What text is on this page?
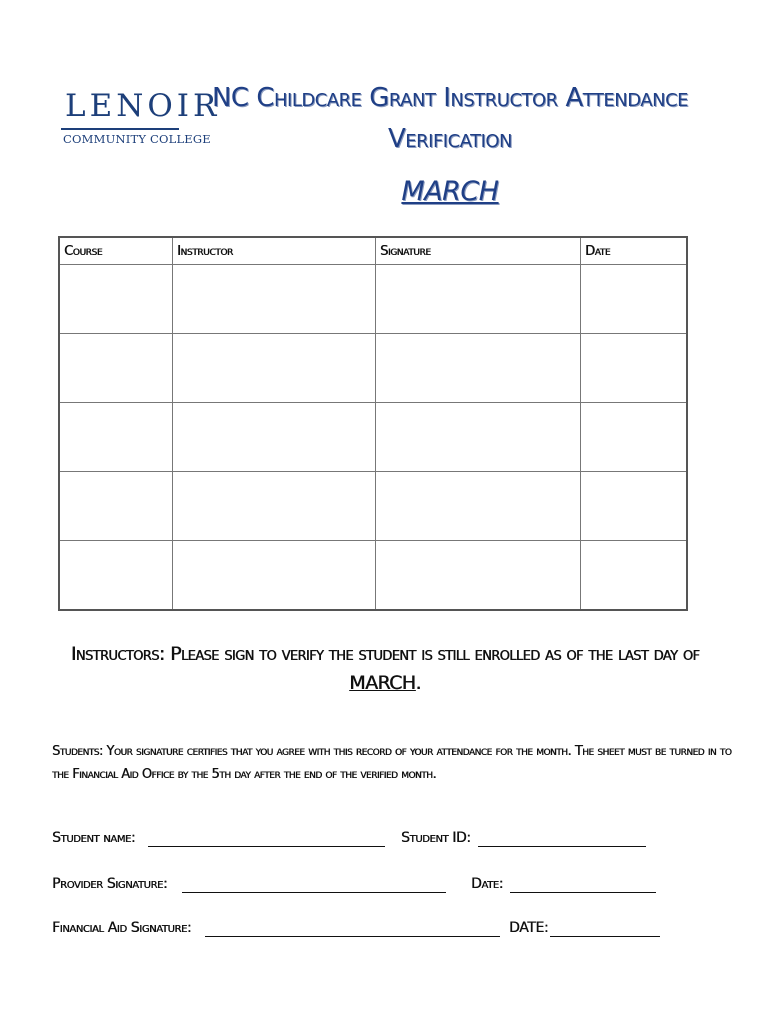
LENOIR
COMMUNITY COLLEGE
NC Childcare Grant Instructor Attendance Verification
MARCH
Course	Instructor	Signature	Date

Instructors: Please sign to verify the student is still enrolled as of the last day of MARCH.
Students: Your signature certifies that you agree with this record of your attendance for the month. The sheet must be turned in to the Financial Aid Office by the 5th day after the end of the verified month.
Student name:	Student ID:
Provider Signature:	Date:
Financial Aid Signature:	DATE:
